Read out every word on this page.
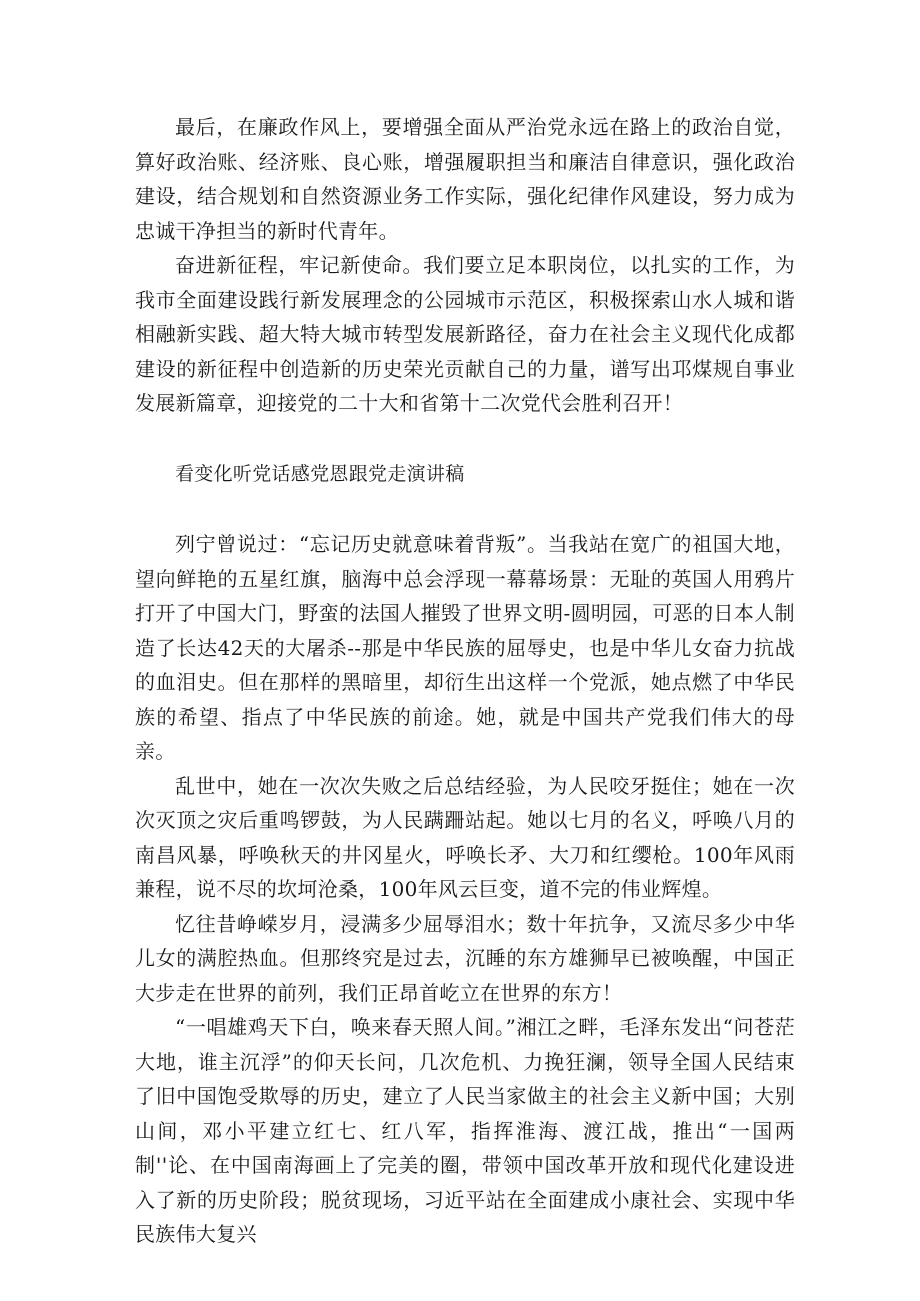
最后，在廉政作风上，要增强全面从严治党永远在路上的政治自觉，算好政治账、经济账、良心账，增强履职担当和廉洁自律意识，强化政治建设，结合规划和自然资源业务工作实际，强化纪律作风建设，努力成为忠诚干净担当的新时代青年。

奋进新征程，牢记新使命。我们要立足本职岗位，以扎实的工作，为我市全面建设践行新发展理念的公园城市示范区，积极探索山水人城和谐相融新实践、超大特大城市转型发展新路径，奋力在社会主义现代化成都建设的新征程中创造新的历史荣光贡献自己的力量，谱写出邛煤规自事业发展新篇章，迎接党的二十大和省第十二次党代会胜利召开！

看变化听党话感党恩跟党走演讲稿

列宁曾说过：“忘记历史就意味着背叛”。当我站在宽广的祖国大地，望向鲜艳的五星红旗，脑海中总会浮现一幕幕场景：无耻的英国人用鸦片打开了中国大门，野蛮的法国人摧毁了世界文明-圆明园，可恶的日本人制造了长达42天的大屠杀--那是中华民族的屈辱史，也是中华儿女奋力抗战的血泪史。但在那样的黑暗里，却衍生出这样一个党派，她点燃了中华民族的希望、指点了中华民族的前途。她，就是中国共产党我们伟大的母亲。

乱世中，她在一次次失败之后总结经验，为人民咬牙挺住；她在一次次灭顶之灾后重鸣锣鼓，为人民蹒跚站起。她以七月的名义，呼唤八月的南昌风暴，呼唤秋天的井冈星火，呼唤长矛、大刀和红缨枪。100年风雨兼程，说不尽的坎坷沧桑，100年风云巨变，道不完的伟业辉煌。

忆往昔峥嵘岁月，浸满多少屈辱泪水；数十年抗争，又流尽多少中华儿女的满腔热血。但那终究是过去，沉睡的东方雄狮早已被唤醒，中国正大步走在世界的前列，我们正昂首屹立在世界的东方！

“一唱雄鸡天下白，唤来春天照人间。”湘江之畔，毛泽东发出“问苍茫大地，谁主沉浮”的仰天长问，几次危机、力挽狂澜，领导全国人民结束了旧中国饱受欺辱的历史，建立了人民当家做主的社会主义新中国；大别山间，邓小平建立红七、红八军，指挥淮海、渡江战，推出“一国两制''论、在中国南海画上了完美的圈，带领中国改革开放和现代化建设进入了新的历史阶段；脱贫现场，习近平站在全面建成小康社会、实现中华民族伟大复兴
